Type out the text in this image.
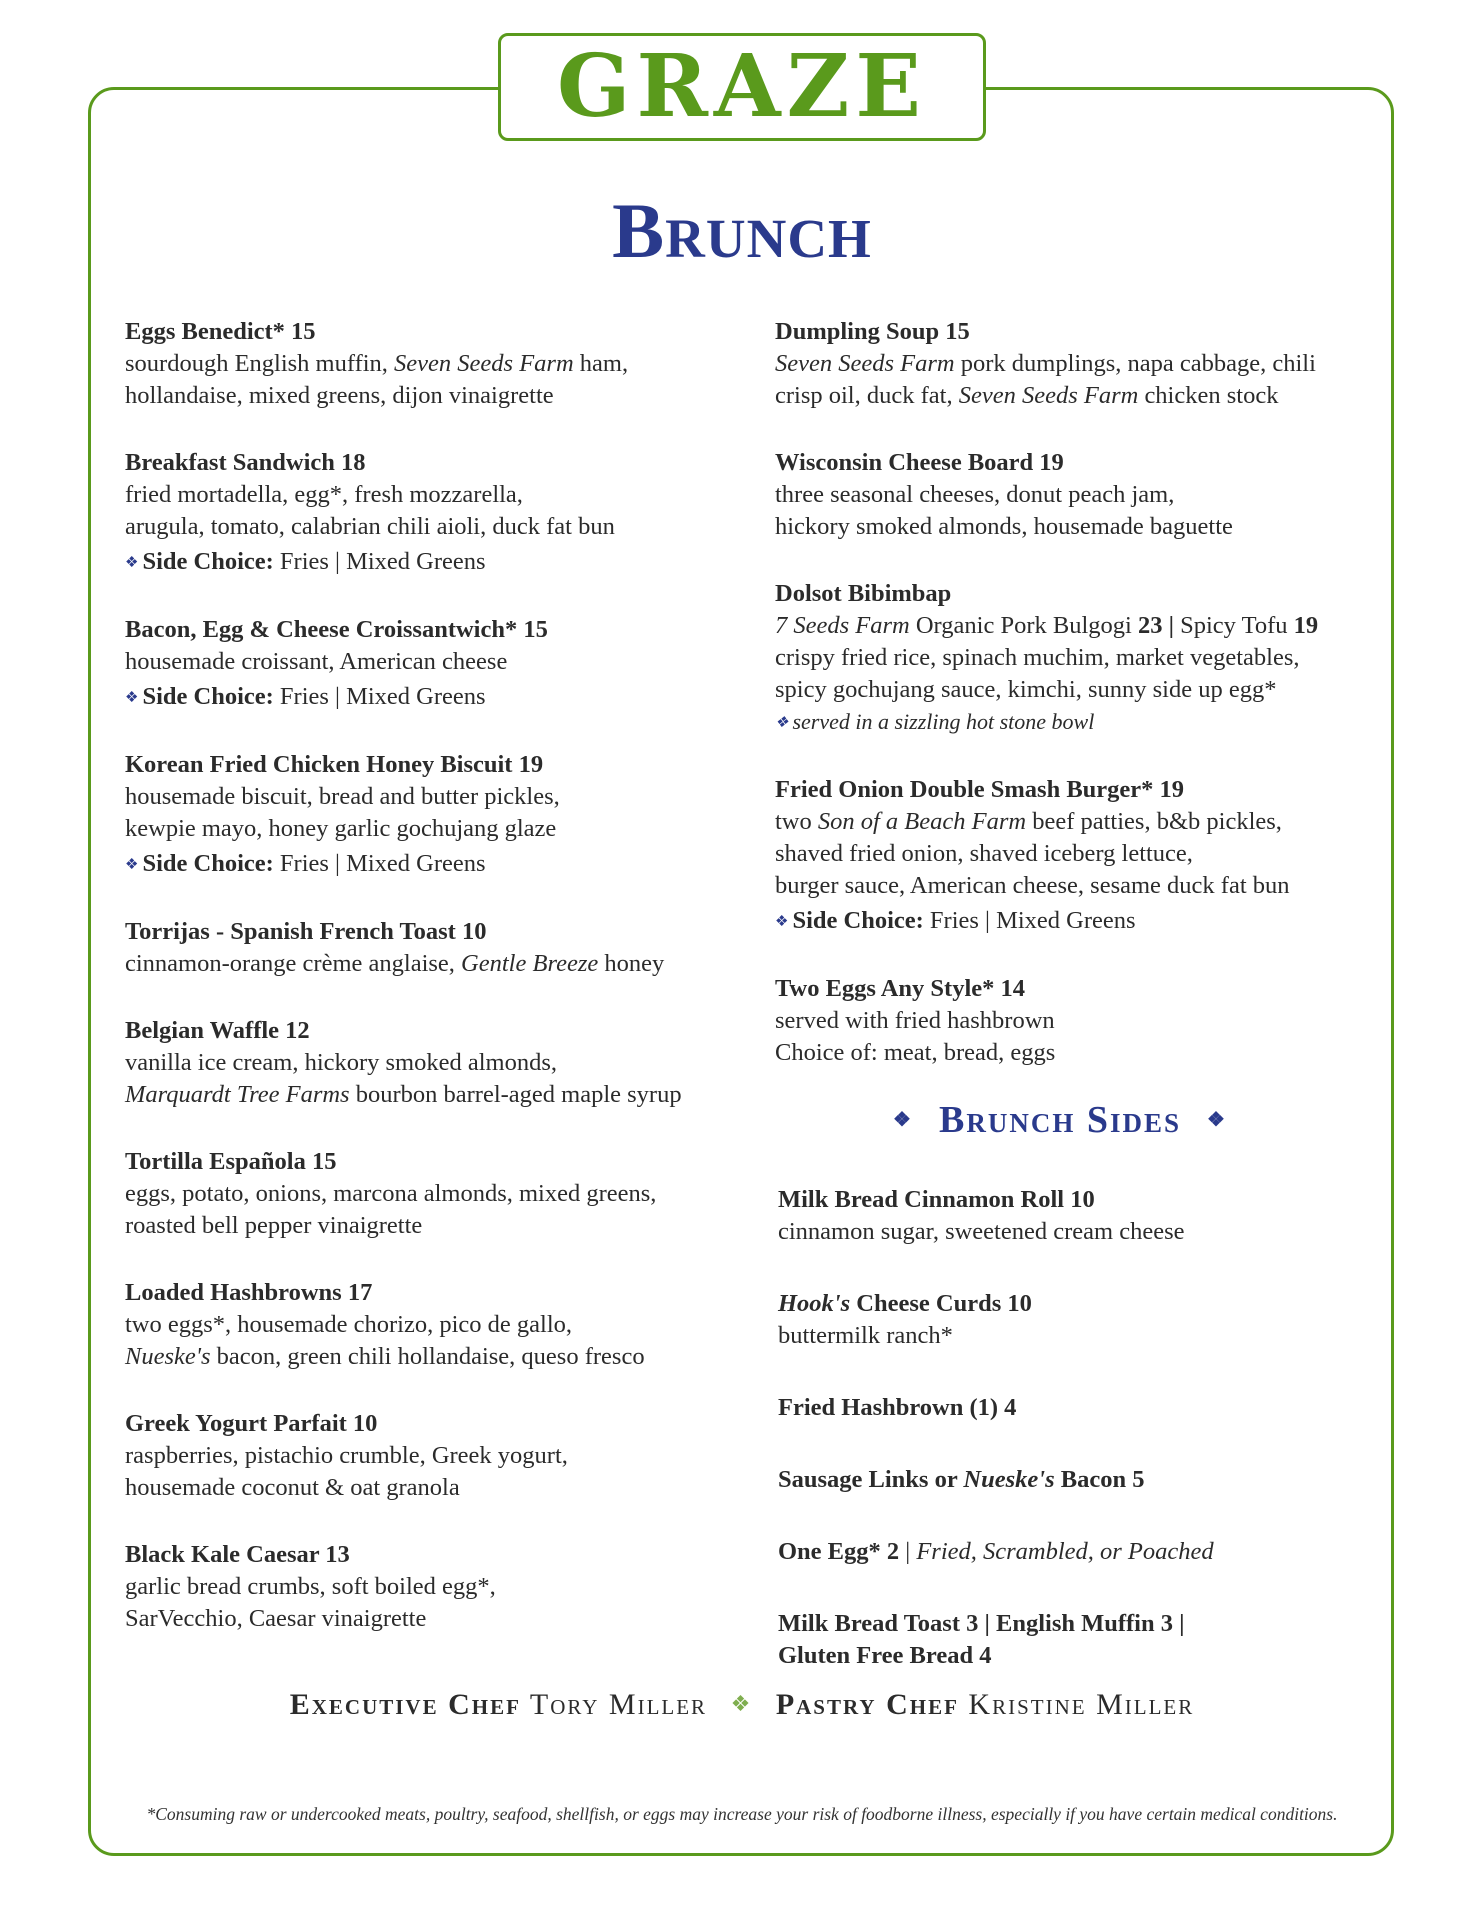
GRAZE
Brunch
Eggs Benedict* 15
sourdough English muffin, Seven Seeds Farm ham,
hollandaise, mixed greens, dijon vinaigrette
Breakfast Sandwich 18
fried mortadella, egg*, fresh mozzarella,
arugula, tomato, calabrian chili aioli, duck fat bun
❖ Side Choice: Fries | Mixed Greens
Bacon, Egg & Cheese Croissantwich* 15
housemade croissant, American cheese
❖ Side Choice: Fries | Mixed Greens
Korean Fried Chicken Honey Biscuit 19
housemade biscuit, bread and butter pickles,
kewpie mayo, honey garlic gochujang glaze
❖ Side Choice: Fries | Mixed Greens
Torrijas - Spanish French Toast 10
cinnamon-orange crème anglaise, Gentle Breeze honey
Belgian Waffle 12
vanilla ice cream, hickory smoked almonds,
Marquardt Tree Farms bourbon barrel-aged maple syrup
Tortilla Española 15
eggs, potato, onions, marcona almonds, mixed greens,
roasted bell pepper vinaigrette
Loaded Hashbrowns 17
two eggs*, housemade chorizo, pico de gallo,
Nueske's bacon, green chili hollandaise, queso fresco
Greek Yogurt Parfait 10
raspberries, pistachio crumble, Greek yogurt,
housemade coconut & oat granola
Black Kale Caesar 13
garlic bread crumbs, soft boiled egg*,
SarVecchio, Caesar vinaigrette
Dumpling Soup 15
Seven Seeds Farm pork dumplings, napa cabbage, chili
crisp oil, duck fat, Seven Seeds Farm chicken stock
Wisconsin Cheese Board 19
three seasonal cheeses, donut peach jam,
hickory smoked almonds, housemade baguette
Dolsot Bibimbap
7 Seeds Farm Organic Pork Bulgogi 23 | Spicy Tofu 19
crispy fried rice, spinach muchim, market vegetables,
spicy gochujang sauce, kimchi, sunny side up egg*
❖ served in a sizzling hot stone bowl
Fried Onion Double Smash Burger* 19
two Son of a Beach Farm beef patties, b&b pickles,
shaved fried onion, shaved iceberg lettuce,
burger sauce, American cheese, sesame duck fat bun
❖ Side Choice: Fries | Mixed Greens
Two Eggs Any Style* 14
served with fried hashbrown
Choice of: meat, bread, eggs
❖ Brunch Sides ❖
Milk Bread Cinnamon Roll 10
cinnamon sugar, sweetened cream cheese
Hook's Cheese Curds 10
buttermilk ranch*
Fried Hashbrown (1) 4
Sausage Links or Nueske's Bacon 5
One Egg* 2 | Fried, Scrambled, or Poached
Milk Bread Toast 3 | English Muffin 3 |
Gluten Free Bread 4
Executive Chef Tory Miller ❖ Pastry Chef Kristine Miller
*Consuming raw or undercooked meats, poultry, seafood, shellfish, or eggs may increase your risk of foodborne illness, especially if you have certain medical conditions.
